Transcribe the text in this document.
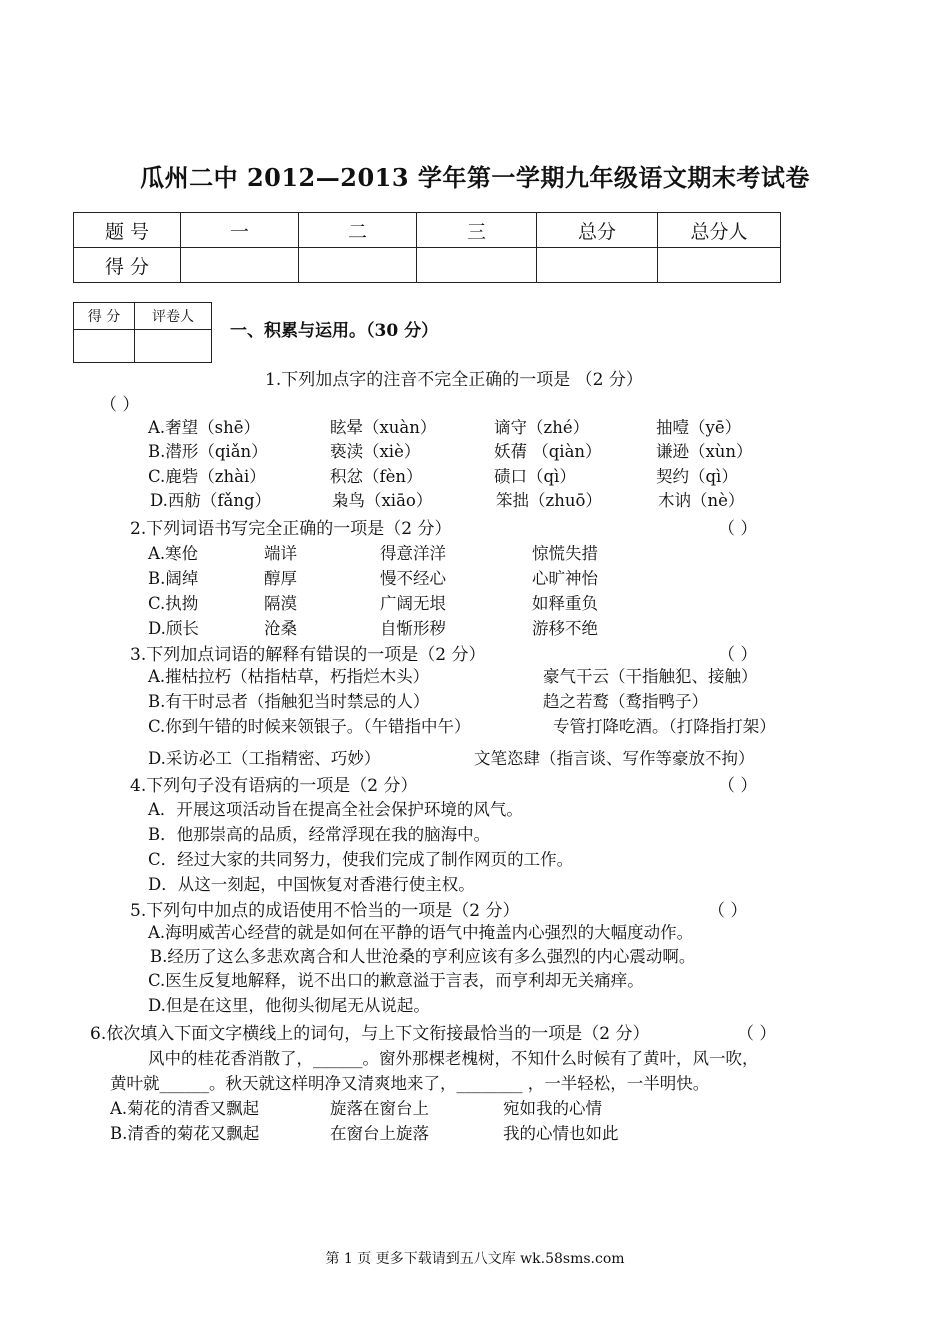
瓜州二中 2012—2013 学年第一学期九年级语文期末考试卷
题 号	一	二	三	总分	总分人
得 分					
得 分	评卷人

一、积累与运用。（30 分）
1.下列加点字的注音不完全正确的一项是 （2 分）
（ ）
A.奢望（shē）	眩晕（xuàn）	谪守（zhé）	抽噎（yē）
B.潜形（qiǎn）	亵渎（xiè）	妖蒨 （qiàn）	谦逊（xùn）
C.鹿砦（zhài）	积忿（fèn）	碛口（qì）	契约（qì）
D.西舫（fǎng）	枭鸟（xiāo）	笨拙（zhuō）	木讷（nè）
2.下列词语书写完全正确的一项是（2 分）	（ ）
A.寒伧	端详	得意洋洋	惊慌失措
B.阔绰	醇厚	慢不经心	心旷神怡
C.执拗	隔漠	广阔无垠	如释重负
D.颀长	沧桑	自惭形秽	游移不绝
3.下列加点词语的解释有错误的一项是（2 分）	（ ）
A.摧枯拉朽（枯指枯草，朽指烂木头）	豪气干云（干指触犯、接触）
B.有干时忌者（指触犯当时禁忌的人）	趋之若鹜（鹜指鸭子）
C.你到午错的时候来领银子。（午错指中午）	专管打降吃酒。（打降指打架）
D.采访必工（工指精密、巧妙）	文笔恣肆（指言谈、写作等豪放不拘）
4.下列句子没有语病的一项是（2 分）	（ ）
A．开展这项活动旨在提高全社会保护环境的风气。
B．他那崇高的品质，经常浮现在我的脑海中。
C．经过大家的共同努力，使我们完成了制作网页的工作。
D．从这一刻起，中国恢复对香港行使主权。
5.下列句中加点的成语使用不恰当的一项是（2 分）	（ ）
A.海明威苦心经营的就是如何在平静的语气中掩盖内心强烈的大幅度动作。
B.经历了这么多悲欢离合和人世沧桑的亨利应该有多么强烈的内心震动啊。
C.医生反复地解释，说不出口的歉意溢于言表，而亨利却无关痛痒。
D.但是在这里，他彻头彻尾无从说起。
6.依次填入下面文字横线上的词句，与上下文衔接最恰当的一项是（2 分）	（ ）
风中的桂花香消散了，______。窗外那棵老槐树，不知什么时候有了黄叶，风一吹，
黄叶就______。秋天就这样明净又清爽地来了，________ ，一半轻松，一半明快。
A.菊花的清香又飘起	旋落在窗台上	宛如我的心情
B.清香的菊花又飘起	在窗台上旋落	我的心情也如此
第 1 页 更多下载请到五八文库 wk.58sms.com
